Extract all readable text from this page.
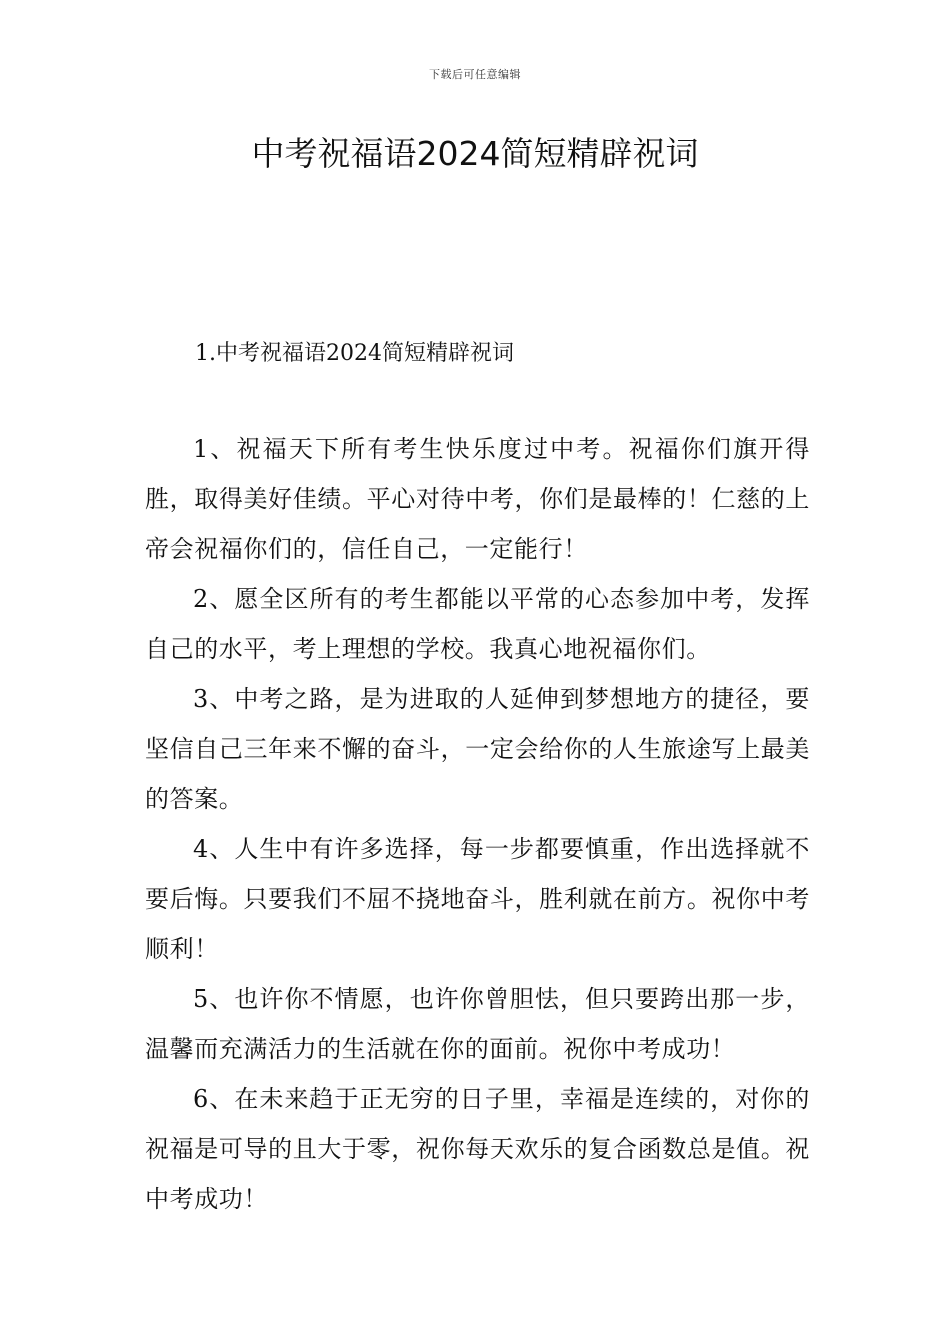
下载后可任意编辑
中考祝福语2024简短精辟祝词
1.中考祝福语2024简短精辟祝词

1、祝福天下所有考生快乐度过中考。祝福你们旗开得胜，取得美好佳绩。平心对待中考，你们是最棒的！仁慈的上帝会祝福你们的，信任自己，一定能行！

2、愿全区所有的考生都能以平常的心态参加中考，发挥自己的水平，考上理想的学校。我真心地祝福你们。

3、中考之路，是为进取的人延伸到梦想地方的捷径，要坚信自己三年来不懈的奋斗，一定会给你的人生旅途写上最美的答案。

4、人生中有许多选择，每一步都要慎重，作出选择就不要后悔。只要我们不屈不挠地奋斗，胜利就在前方。祝你中考顺利！

5、也许你不情愿，也许你曾胆怯，但只要跨出那一步，温馨而充满活力的生活就在你的面前。祝你中考成功！

6、在未来趋于正无穷的日子里，幸福是连续的，对你的祝福是可导的且大于零，祝你每天欢乐的复合函数总是值。祝中考成功！
